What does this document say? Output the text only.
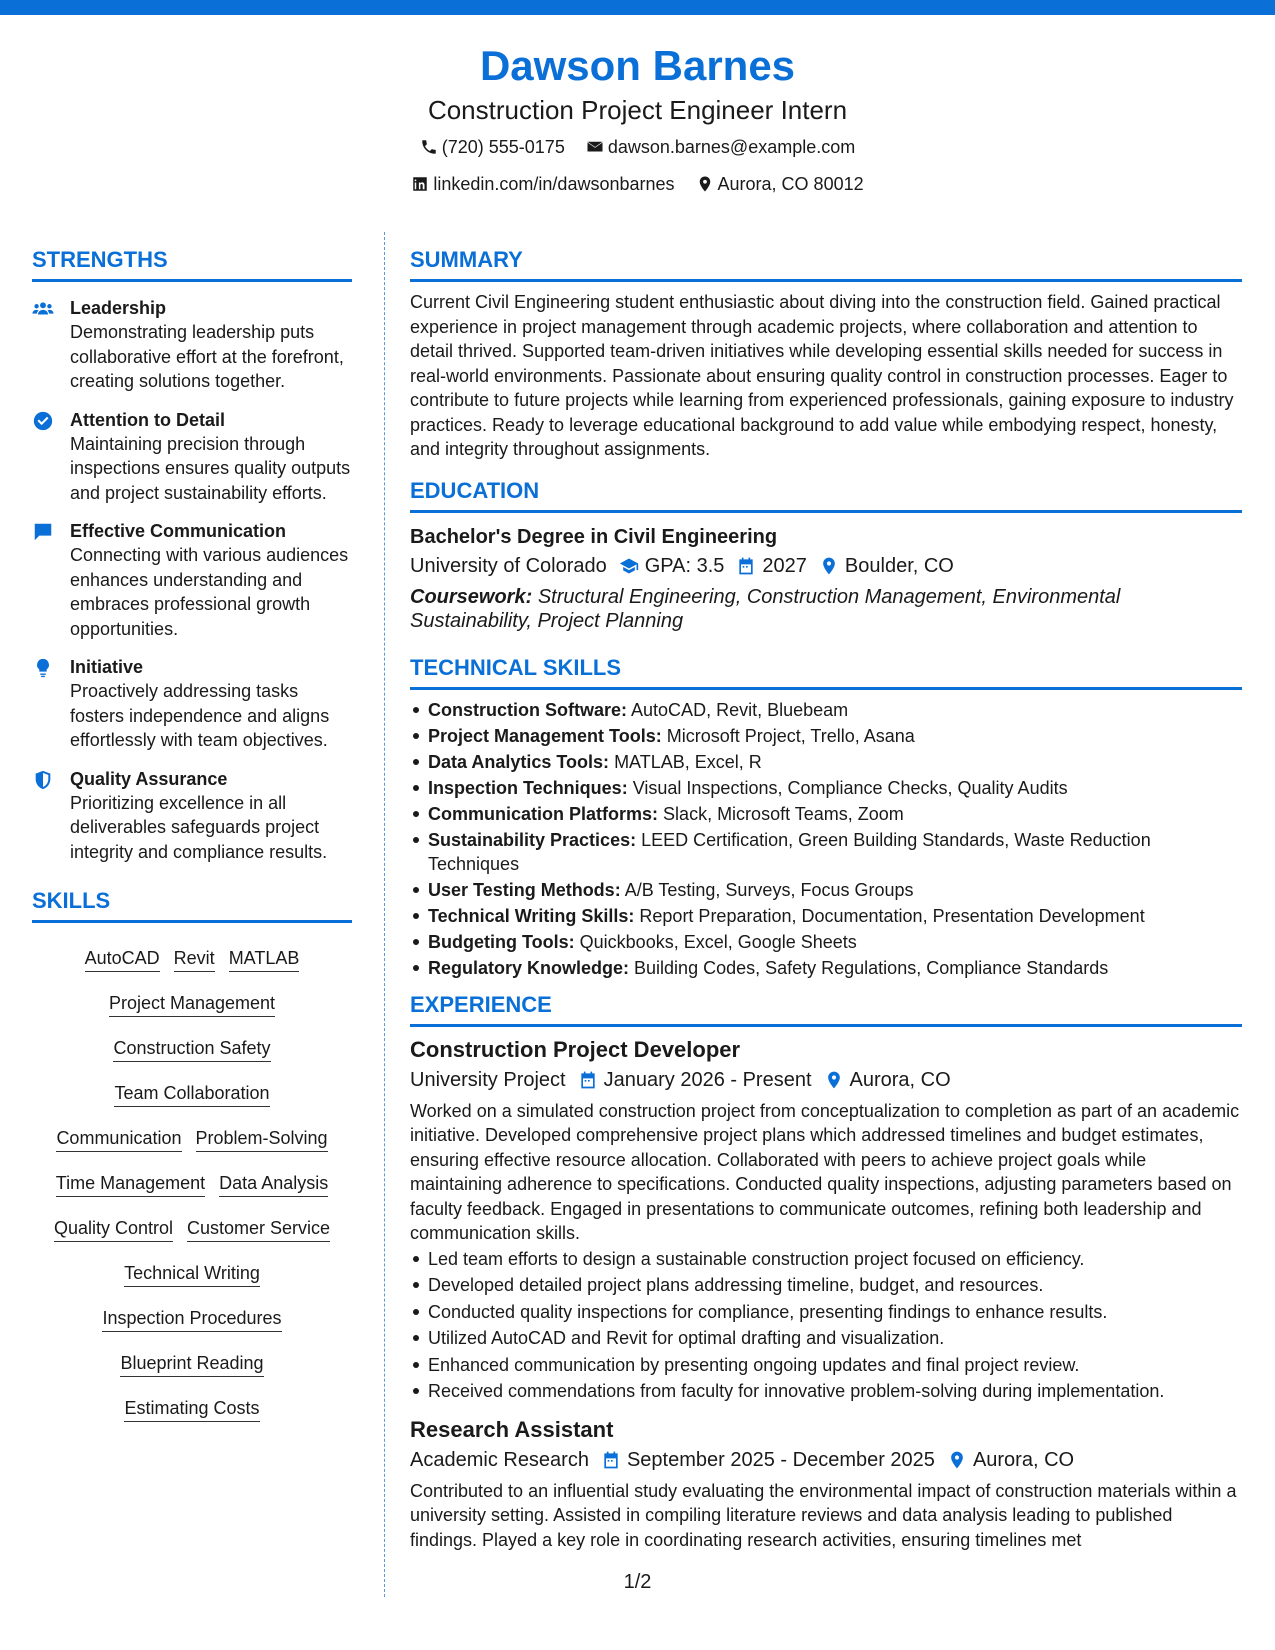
Dawson Barnes
Construction Project Engineer Intern
(720) 555-0175
dawson.barnes@example.com
linkedin.com/in/dawsonbarnes
Aurora, CO 80012
STRENGTHS
Leadership
Demonstrating leadership puts collaborative effort at the forefront, creating solutions together.
Attention to Detail
Maintaining precision through inspections ensures quality outputs and project sustainability efforts.
Effective Communication
Connecting with various audiences enhances understanding and embraces professional growth opportunities.
Initiative
Proactively addressing tasks fosters independence and aligns effortlessly with team objectives.
Quality Assurance
Prioritizing excellence in all deliverables safeguards project integrity and compliance results.
SKILLS
AutoCAD Revit MATLAB
Project Management
Construction Safety
Team Collaboration
Communication Problem-Solving
Time Management Data Analysis
Quality Control Customer Service
Technical Writing
Inspection Procedures
Blueprint Reading
Estimating Costs
SUMMARY
Current Civil Engineering student enthusiastic about diving into the construction field. Gained practical experience in project management through academic projects, where collaboration and attention to detail thrived. Supported team-driven initiatives while developing essential skills needed for success in real-world environments. Passionate about ensuring quality control in construction processes. Eager to contribute to future projects while learning from experienced professionals, gaining exposure to industry practices. Ready to leverage educational background to add value while embodying respect, honesty, and integrity throughout assignments.
EDUCATION
Bachelor's Degree in Civil Engineering
University of Colorado GPA: 3.5 2027 Boulder, CO
Coursework: Structural Engineering, Construction Management, Environmental Sustainability, Project Planning
TECHNICAL SKILLS
Construction Software: AutoCAD, Revit, Bluebeam
Project Management Tools: Microsoft Project, Trello, Asana
Data Analytics Tools: MATLAB, Excel, R
Inspection Techniques: Visual Inspections, Compliance Checks, Quality Audits
Communication Platforms: Slack, Microsoft Teams, Zoom
Sustainability Practices: LEED Certification, Green Building Standards, Waste Reduction Techniques
User Testing Methods: A/B Testing, Surveys, Focus Groups
Technical Writing Skills: Report Preparation, Documentation, Presentation Development
Budgeting Tools: Quickbooks, Excel, Google Sheets
Regulatory Knowledge: Building Codes, Safety Regulations, Compliance Standards
EXPERIENCE
Construction Project Developer
University Project January 2026 - Present Aurora, CO
Worked on a simulated construction project from conceptualization to completion as part of an academic initiative. Developed comprehensive project plans which addressed timelines and budget estimates, ensuring effective resource allocation. Collaborated with peers to achieve project goals while maintaining adherence to specifications. Conducted quality inspections, adjusting parameters based on faculty feedback. Engaged in presentations to communicate outcomes, refining both leadership and communication skills.
Led team efforts to design a sustainable construction project focused on efficiency.
Developed detailed project plans addressing timeline, budget, and resources.
Conducted quality inspections for compliance, presenting findings to enhance results.
Utilized AutoCAD and Revit for optimal drafting and visualization.
Enhanced communication by presenting ongoing updates and final project review.
Received commendations from faculty for innovative problem-solving during implementation.
Research Assistant
Academic Research September 2025 - December 2025 Aurora, CO
Contributed to an influential study evaluating the environmental impact of construction materials within a university setting. Assisted in compiling literature reviews and data analysis leading to published findings. Played a key role in coordinating research activities, ensuring timelines met
1/2
